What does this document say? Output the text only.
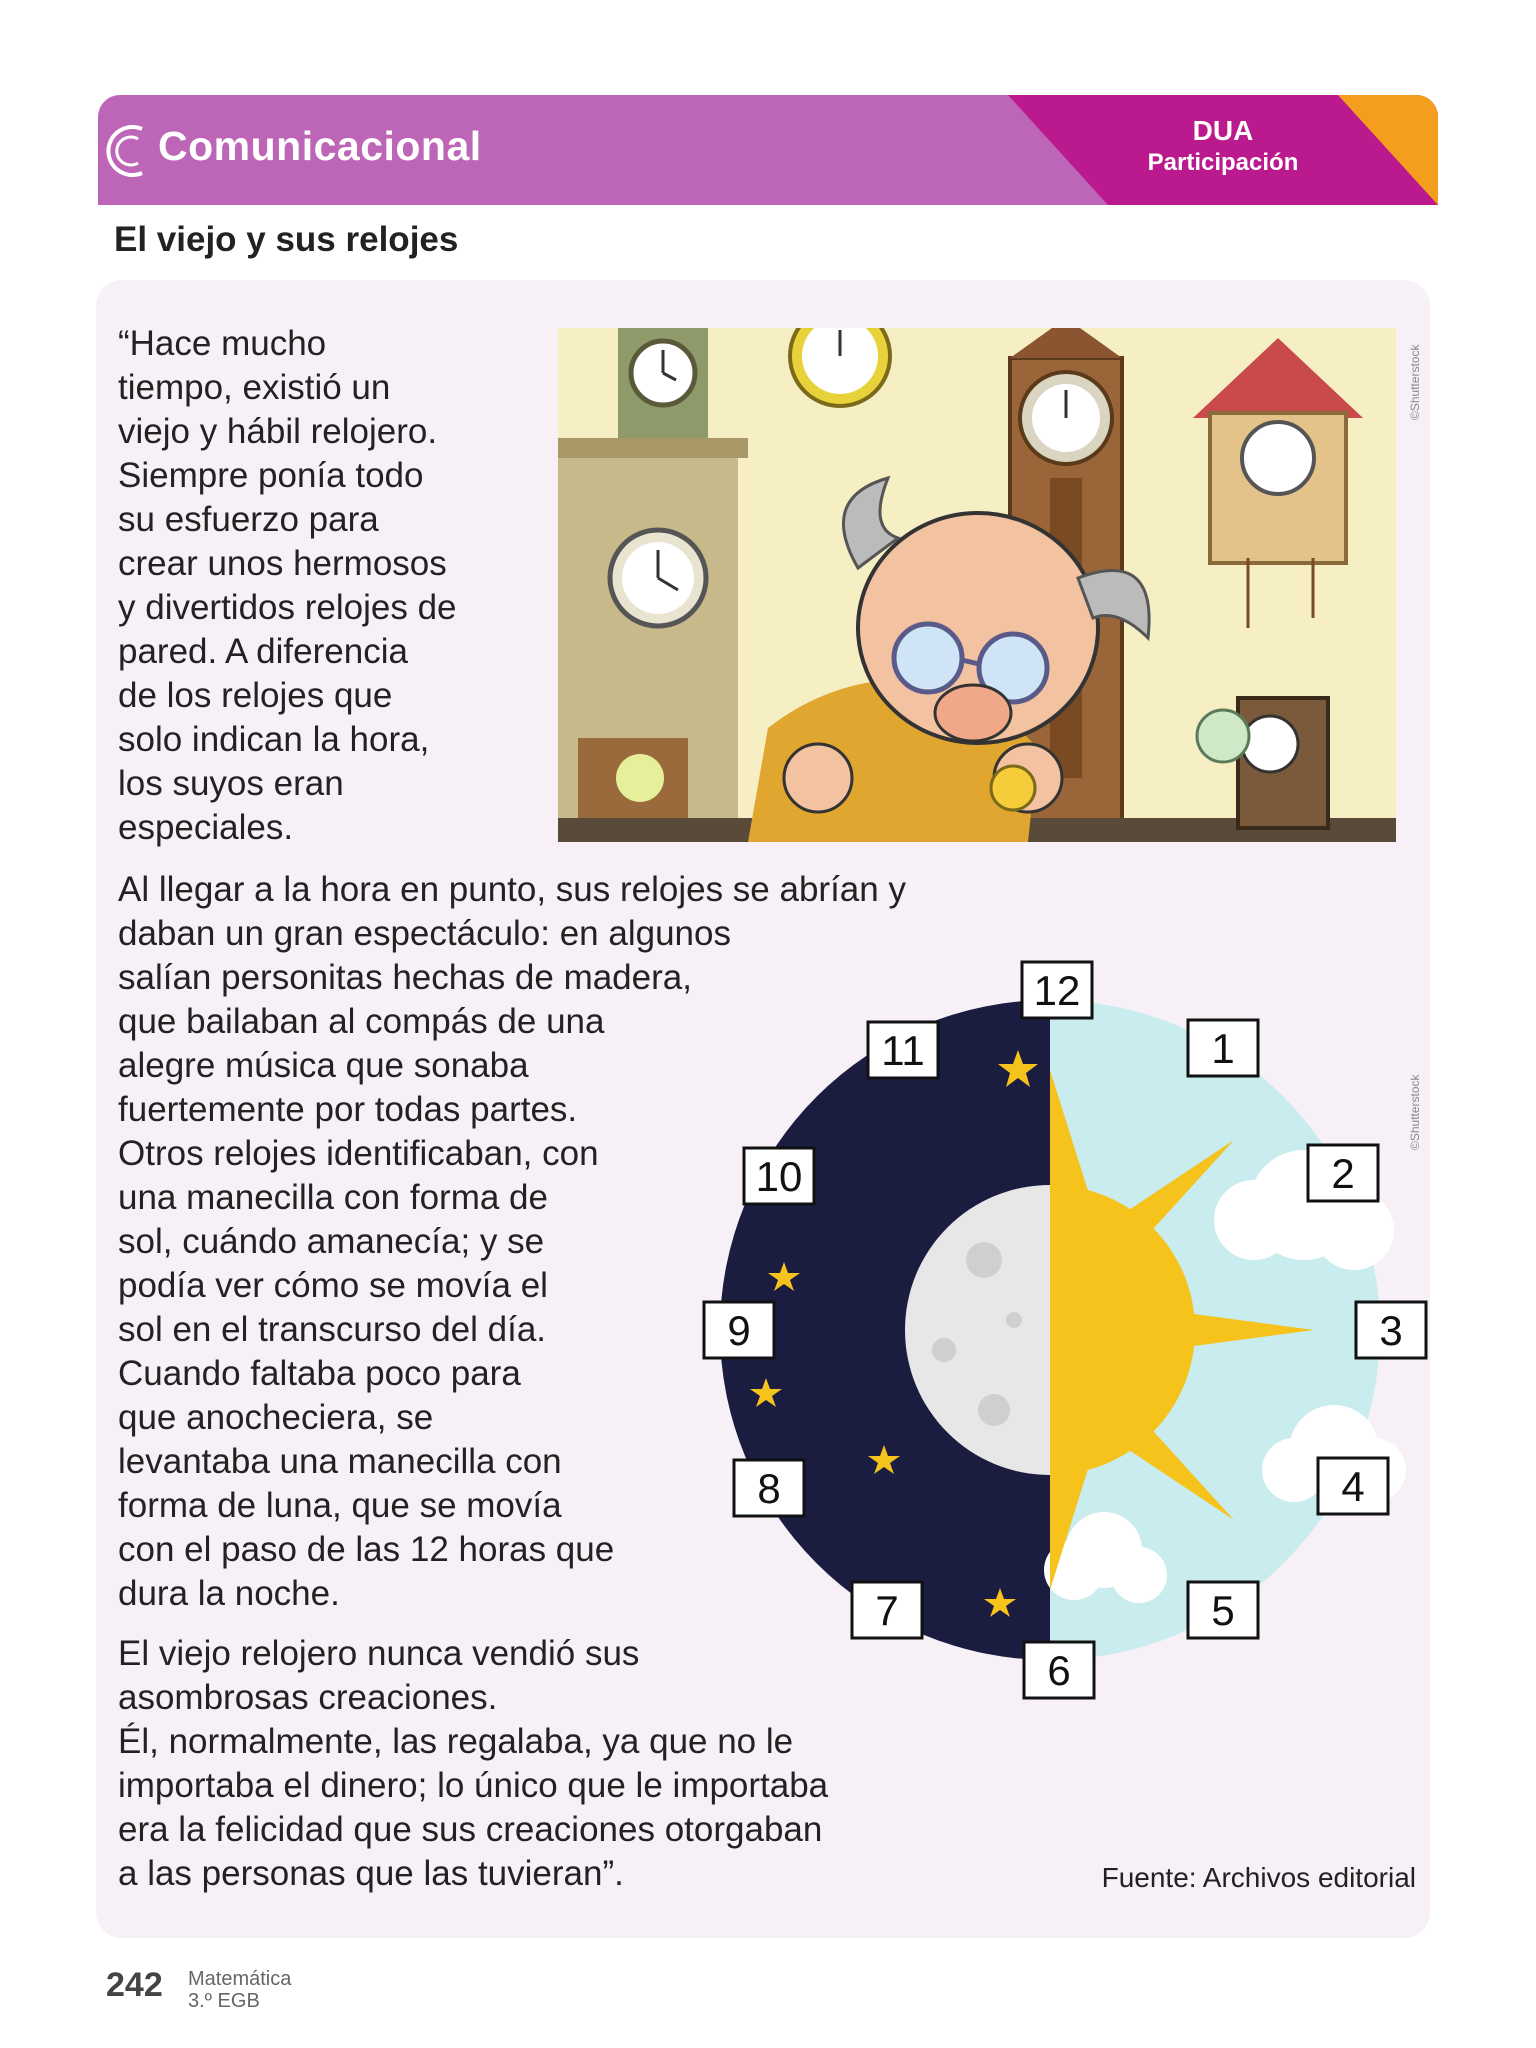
Comunicacional	DUA
Participación
El viejo y sus relojes

“Hace mucho
tiempo, existió un
viejo y hábil relojero.
Siempre ponía todo
su esfuerzo para
crear unos hermosos
y divertidos relojes de
pared. A diferencia
de los relojes que
solo indican la hora,
los suyos eran
especiales.

©Shutterstock

Al llegar a la hora en punto, sus relojes se abrían y
daban un gran espectáculo: en algunos
salían personitas hechas de madera,
que bailaban al compás de una
alegre música que sonaba
fuertemente por todas partes.
Otros relojes identificaban, con
una manecilla con forma de
sol, cuándo amanecía; y se
podía ver cómo se movía el
sol en el transcurso del día.
Cuando faltaba poco para
que anocheciera, se
levantaba una manecilla con
forma de luna, que se movía
con el paso de las 12 horas que
dura la noche.

12
1
2
3
4
5
6
7
8
9
10
11
©Shutterstock

El viejo relojero nunca vendió sus
asombrosas creaciones.
Él, normalmente, las regalaba, ya que no le
importaba el dinero; lo único que le importaba
era la felicidad que sus creaciones otorgaban
a las personas que las tuvieran”.	Fuente: Archivos editorial
242 Matemática
3.º EGB
